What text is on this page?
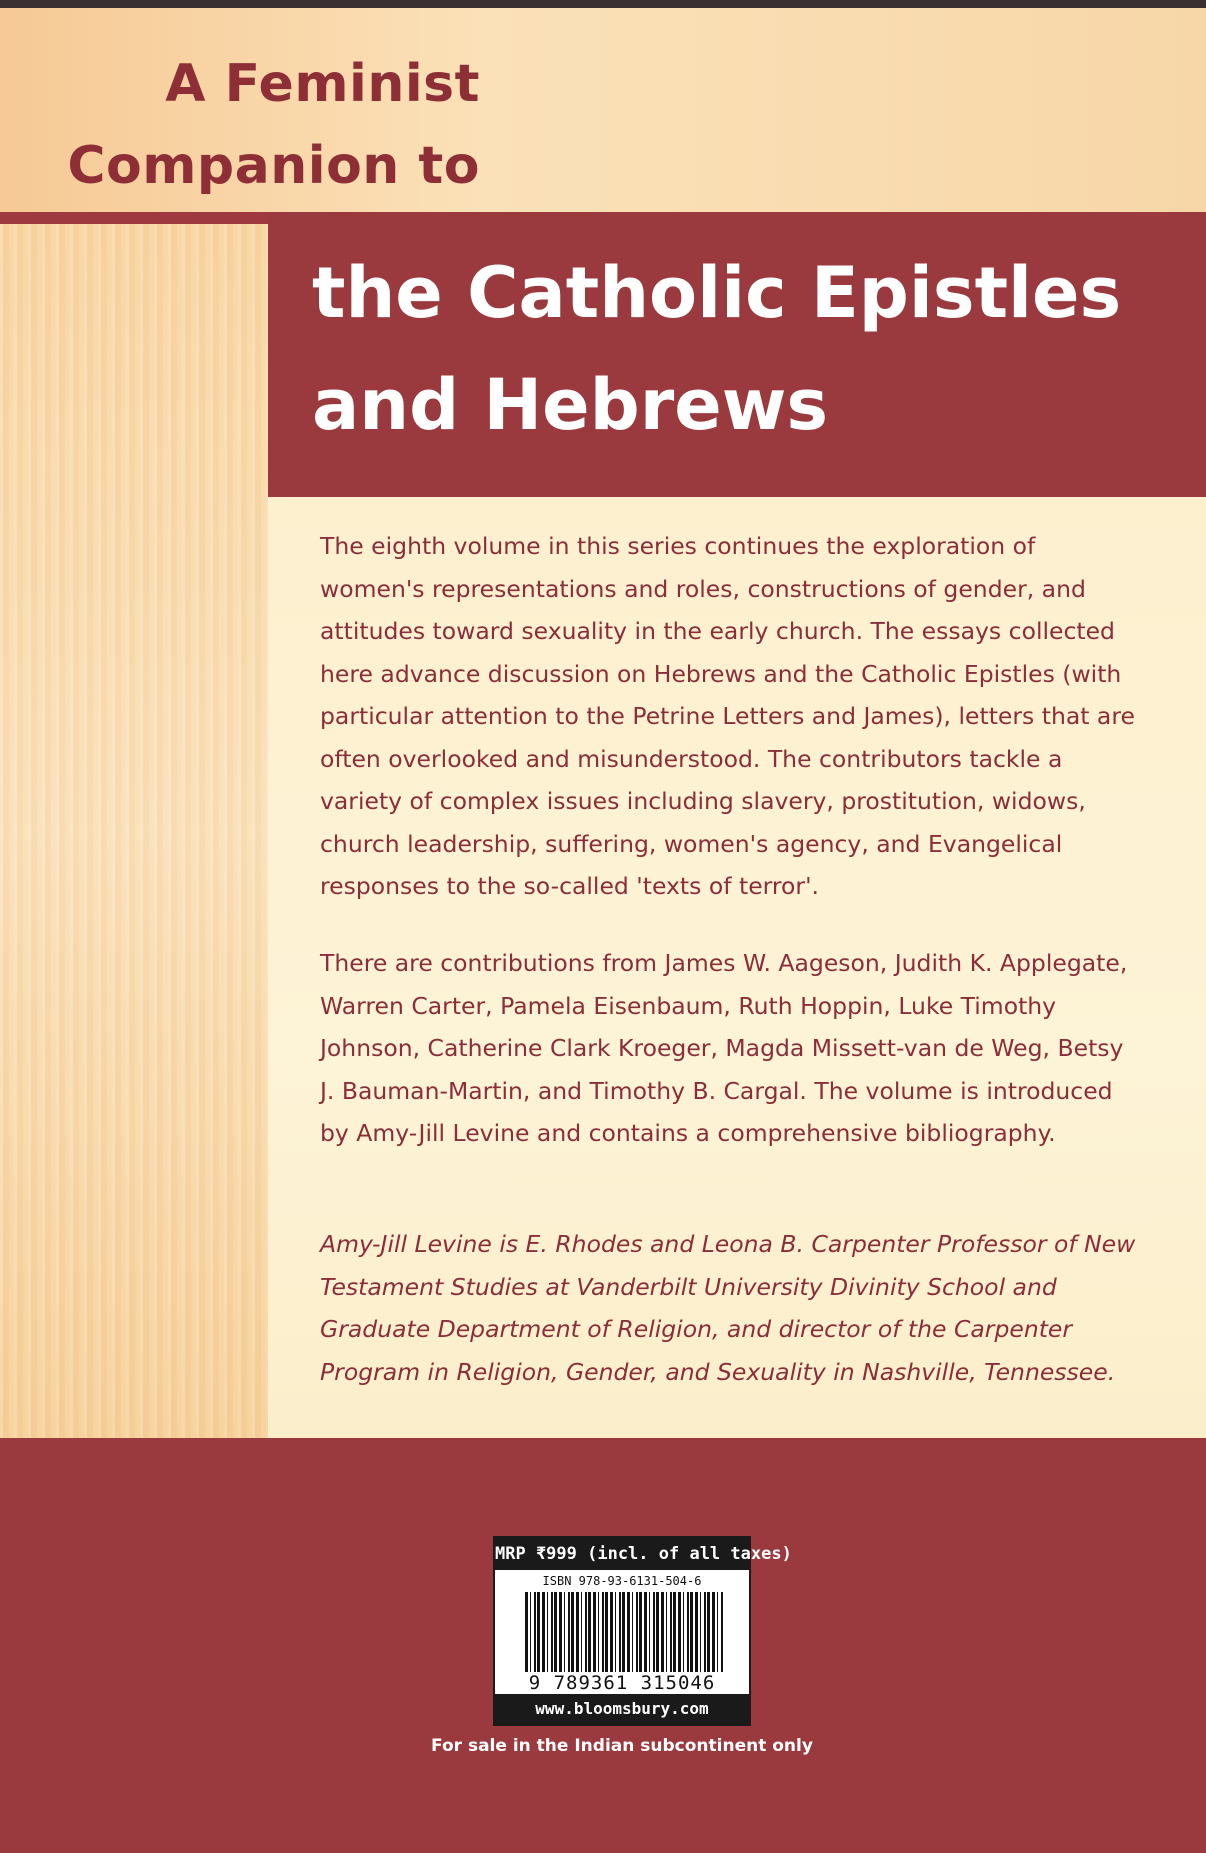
A Feminist
Companion to
the Catholic Epistles
and Hebrews

The eighth volume in this series continues the exploration of women's representations and roles, constructions of gender, and attitudes toward sexuality in the early church. The essays collected here advance discussion on Hebrews and the Catholic Epistles (with particular attention to the Petrine Letters and James), letters that are often overlooked and misunderstood. The contributors tackle a variety of complex issues including slavery, prostitution, widows, church leadership, suffering, women's agency, and Evangelical responses to the so-called 'texts of terror'.

There are contributions from James W. Aageson, Judith K. Applegate, Warren Carter, Pamela Eisenbaum, Ruth Hoppin, Luke Timothy Johnson, Catherine Clark Kroeger, Magda Missett-van de Weg, Betsy J. Bauman-Martin, and Timothy B. Cargal. The volume is introduced by Amy-Jill Levine and contains a comprehensive bibliography.

Amy-Jill Levine is E. Rhodes and Leona B. Carpenter Professor of New Testament Studies at Vanderbilt University Divinity School and Graduate Department of Religion, and director of the Carpenter Program in Religion, Gender, and Sexuality in Nashville, Tennessee.

MRP ₹999 (incl. of all taxes)
ISBN 978-93-6131-504-6
9 789361 315046
www.bloomsbury.com

For sale in the Indian subcontinent only
